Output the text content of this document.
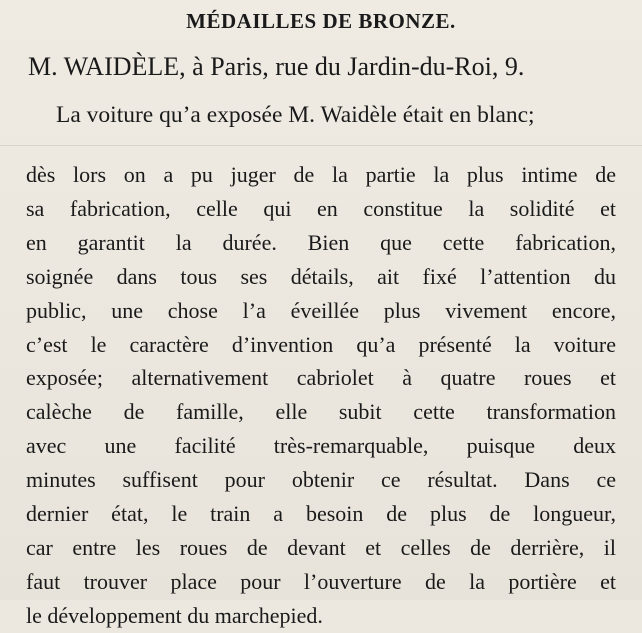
MÉDAILLES DE BRONZE.
M. WAIDÈLE, à Paris, rue du Jardin-du-Roi, 9.
La voiture qu’a exposée M. Waidèle était en blanc;
dès lors on a pu juger de la partie la plus intime de
sa fabrication, celle qui en constitue la solidité et
en garantit la durée. Bien que cette fabrication,
soignée dans tous ses détails, ait fixé l’attention du
public, une chose l’a éveillée plus vivement encore,
c’est le caractère d’invention qu’a présenté la voiture
exposée; alternativement cabriolet à quatre roues et
calèche de famille, elle subit cette transformation
avec une facilité très-remarquable, puisque deux
minutes suffisent pour obtenir ce résultat. Dans ce
dernier état, le train a besoin de plus de longueur,
car entre les roues de devant et celles de derrière, il
faut trouver place pour l’ouverture de la portière et
le développement du marchepied.
